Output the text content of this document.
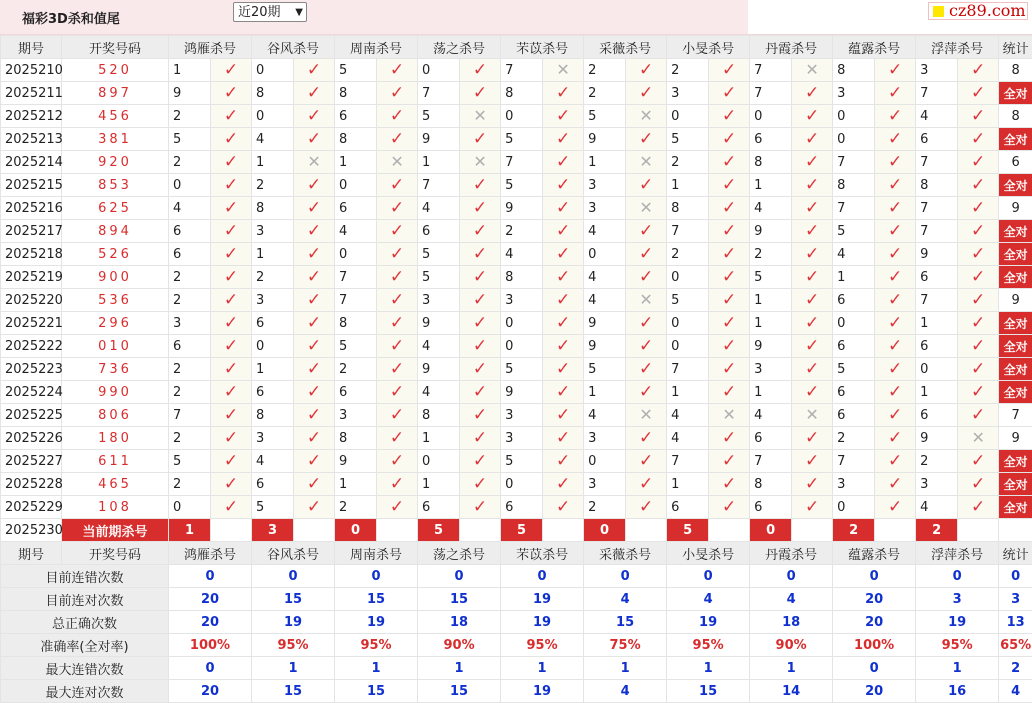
福彩3D杀和值尾	近20期 ▼	cz89.com
期号	开奖号码	鸿雁杀号		谷风杀号		周南杀号		荡之杀号		芣苡杀号		采薇杀号		小旻杀号		丹霞杀号		蕴露杀号		浮萍杀号		统计
2025210	520	1	✓	0	✓	5	✓	0	✓	7	✕	2	✓	2	✓	7	✕	8	✓	3	✓	8
2025211	897	9	✓	8	✓	8	✓	7	✓	8	✓	2	✓	3	✓	7	✓	3	✓	7	✓	全对
2025212	456	2	✓	0	✓	6	✓	5	✕	0	✓	5	✕	0	✓	0	✓	0	✓	4	✓	8
2025213	381	5	✓	4	✓	8	✓	9	✓	5	✓	9	✓	5	✓	6	✓	0	✓	6	✓	全对
2025214	920	2	✓	1	✕	1	✕	1	✕	7	✓	1	✕	2	✓	8	✓	7	✓	7	✓	6
2025215	853	0	✓	2	✓	0	✓	7	✓	5	✓	3	✓	1	✓	1	✓	8	✓	8	✓	全对
2025216	625	4	✓	8	✓	6	✓	4	✓	9	✓	3	✕	8	✓	4	✓	7	✓	7	✓	9
2025217	894	6	✓	3	✓	4	✓	6	✓	2	✓	4	✓	7	✓	9	✓	5	✓	7	✓	全对
2025218	526	6	✓	1	✓	0	✓	5	✓	4	✓	0	✓	2	✓	2	✓	4	✓	9	✓	全对
2025219	900	2	✓	2	✓	7	✓	5	✓	8	✓	4	✓	0	✓	5	✓	1	✓	6	✓	全对
2025220	536	2	✓	3	✓	7	✓	3	✓	3	✓	4	✕	5	✓	1	✓	6	✓	7	✓	9
2025221	296	3	✓	6	✓	8	✓	9	✓	0	✓	9	✓	0	✓	1	✓	0	✓	1	✓	全对
2025222	010	6	✓	0	✓	5	✓	4	✓	0	✓	9	✓	0	✓	9	✓	6	✓	6	✓	全对
2025223	736	2	✓	1	✓	2	✓	9	✓	5	✓	5	✓	7	✓	3	✓	5	✓	0	✓	全对
2025224	990	2	✓	6	✓	6	✓	4	✓	9	✓	1	✓	1	✓	1	✓	6	✓	1	✓	全对
2025225	806	7	✓	8	✓	3	✓	8	✓	3	✓	4	✕	4	✕	4	✕	6	✓	6	✓	7
2025226	180	2	✓	3	✓	8	✓	1	✓	3	✓	3	✓	4	✓	6	✓	2	✓	9	✕	9
2025227	611	5	✓	4	✓	9	✓	0	✓	5	✓	0	✓	7	✓	7	✓	7	✓	2	✓	全对
2025228	465	2	✓	6	✓	1	✓	1	✓	0	✓	3	✓	1	✓	8	✓	3	✓	3	✓	全对
2025229	108	0	✓	5	✓	2	✓	6	✓	6	✓	2	✓	6	✓	6	✓	0	✓	4	✓	全对
2025230	当前期杀号	1		3		0		5		5		0		5		0		2		2		
期号	开奖号码	鸿雁杀号		谷风杀号		周南杀号		荡之杀号		芣苡杀号		采薇杀号		小旻杀号		丹霞杀号		蕴露杀号		浮萍杀号		统计
目前连错次数		0		0		0		0		0		0		0		0		0		0		0
目前连对次数		20		15		15		15		19		4		4		4		20		3		3
总正确次数		20		19		19		18		19		15		19		18		20		19		13
准确率(全对率)		100%		95%		95%		90%		95%		75%		95%		90%		100%		95%		65%
最大连错次数		0		1		1		1		1		1		1		1		0		1		2
最大连对次数		20		15		15		15		19		4		15		14		20		16		4
